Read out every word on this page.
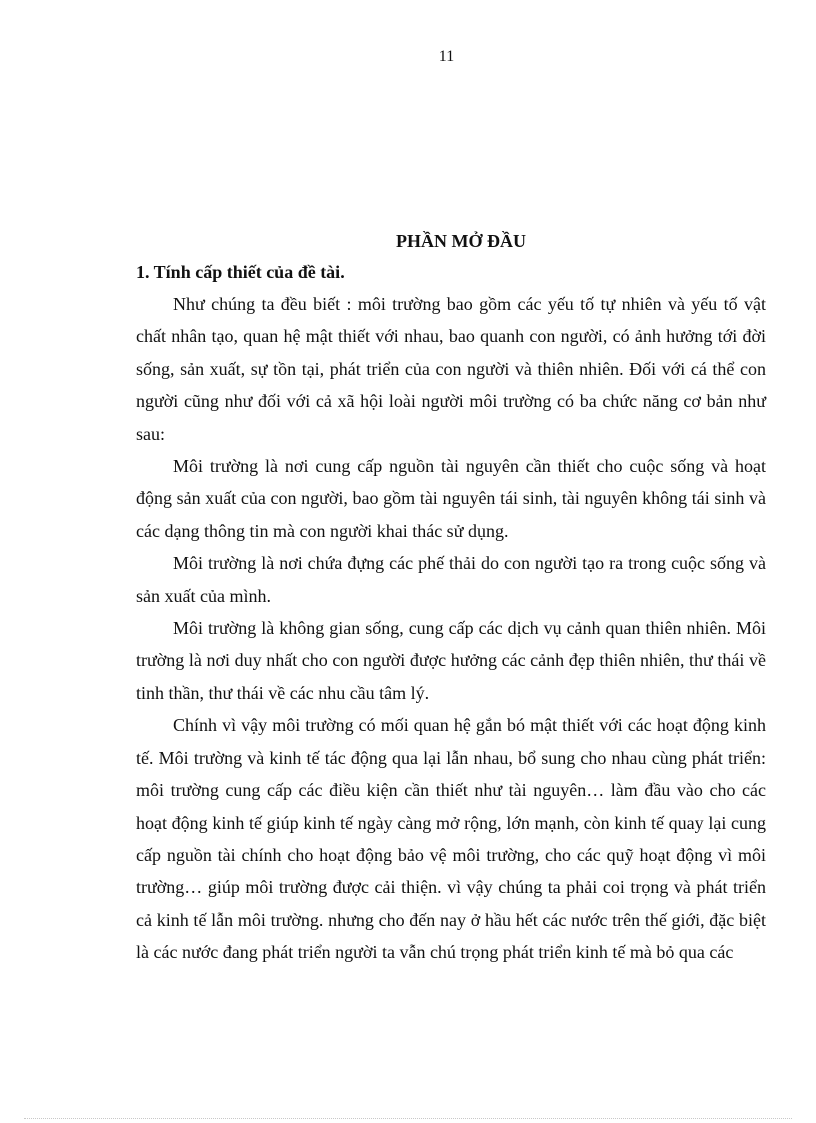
11
PHẦN MỞ ĐẦU
1. Tính cấp thiết của đề tài.

Như chúng ta đều biết : môi trường bao gồm các yếu tố tự nhiên và yếu tố vật chất nhân tạo, quan hệ mật thiết với nhau, bao quanh con người, có ảnh hưởng tới đời sống, sản xuất, sự tồn tại, phát triển của con người và thiên nhiên. Đối với cá thể con người cũng như đối với cả xã hội loài người môi trường có ba chức năng cơ bản như sau:

Môi trường là nơi cung cấp nguồn tài nguyên cần thiết cho cuộc sống và hoạt động sản xuất của con người, bao gồm tài nguyên tái sinh, tài nguyên không tái sinh và các dạng thông tin mà con người khai thác sử dụng.

Môi trường là nơi chứa đựng các phế thải do con người tạo ra trong cuộc sống và sản xuất của mình.

Môi trường là không gian sống, cung cấp các dịch vụ cảnh quan thiên nhiên. Môi trường là nơi duy nhất cho con người được hưởng các cảnh đẹp thiên nhiên, thư thái về tinh thần, thư thái về các nhu cầu tâm lý.

Chính vì vậy môi trường có mối quan hệ gắn bó mật thiết với các hoạt động kinh tế. Môi trường và kinh tế tác động qua lại lẫn nhau, bổ sung cho nhau cùng phát triển: môi trường cung cấp các điều kiện cần thiết như tài nguyên… làm đầu vào cho các hoạt động kinh tế giúp kinh tế ngày càng mở rộng, lớn mạnh, còn kinh tế quay lại cung cấp nguồn tài chính cho hoạt động bảo vệ môi trường, cho các quỹ hoạt động vì môi trường… giúp môi trường được cải thiện. vì vậy chúng ta phải coi trọng và phát triển cả kinh tế lẫn môi trường. nhưng cho đến nay ở hầu hết các nước trên thế giới, đặc biệt là các nước đang phát triển người ta vẫn chú trọng phát triển kinh tế mà bỏ qua các
